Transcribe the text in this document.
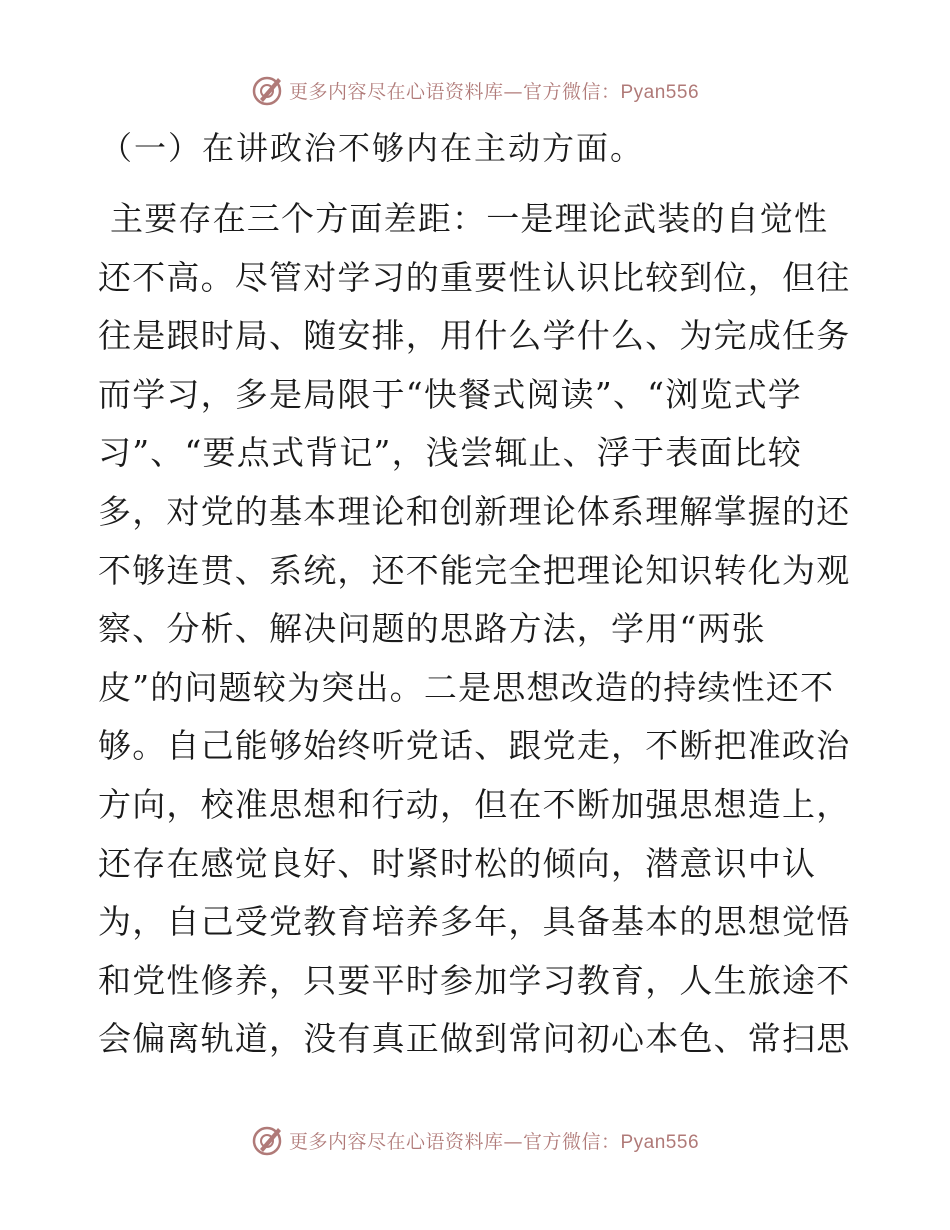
更多内容尽在心语资料库—官方微信：Pyan556
（一）在讲政治不够内在主动方面。
主要存在三个方面差距：一是理论武装的自觉性
还不高。尽管对学习的重要性认识比较到位，但往
往是跟时局、随安排，用什么学什么、为完成任务
而学习，多是局限于“快餐式阅读”、“浏览式学
习”、“要点式背记”，浅尝辄止、浮于表面比较
多，对党的基本理论和创新理论体系理解掌握的还
不够连贯、系统，还不能完全把理论知识转化为观
察、分析、解决问题的思路方法，学用“两张
皮”的问题较为突出。二是思想改造的持续性还不
够。自己能够始终听党话、跟党走，不断把准政治
方向，校准思想和行动，但在不断加强思想造上，
还存在感觉良好、时紧时松的倾向，潜意识中认
为，自己受党教育培养多年，具备基本的思想觉悟
和党性修养，只要平时参加学习教育，人生旅途不
会偏离轨道，没有真正做到常问初心本色、常扫思
更多内容尽在心语资料库—官方微信：Pyan556
